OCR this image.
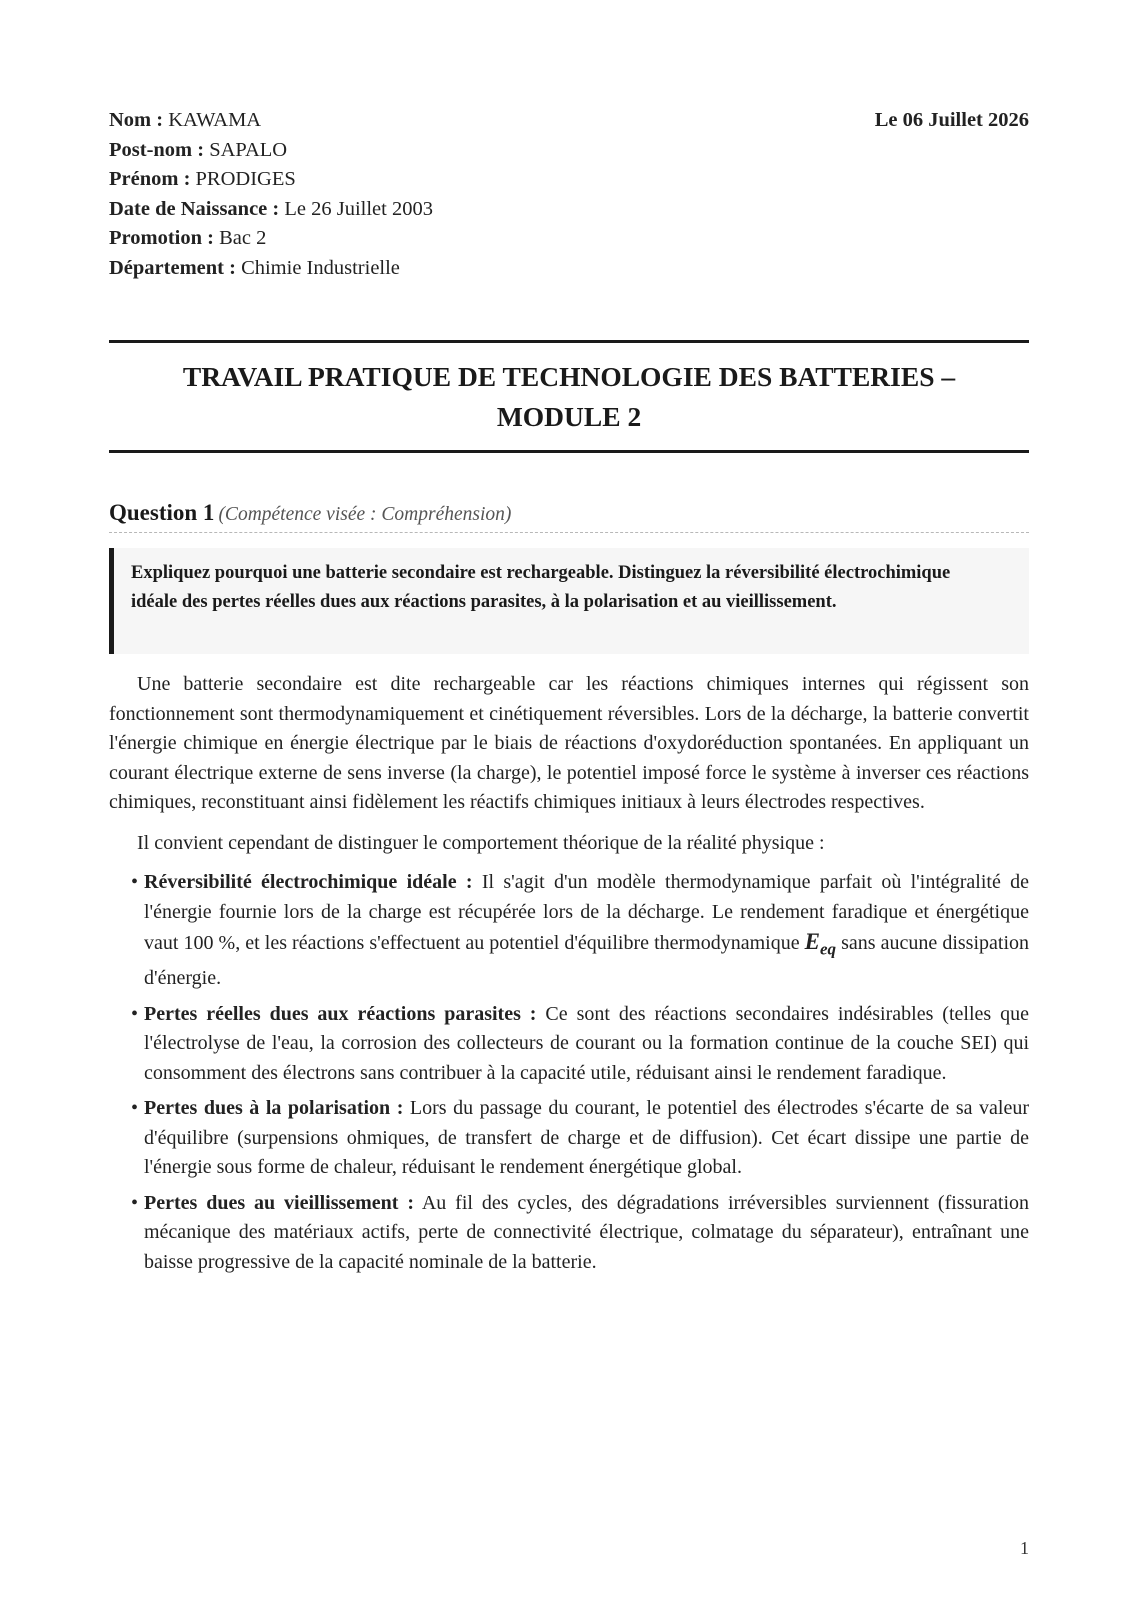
Nom : KAWAMA
Post-nom : SAPALO
Prénom : PRODIGES
Date de Naissance : Le 26 Juillet 2003
Promotion : Bac 2
Département : Chimie Industrielle
Le 06 Juillet 2026
TRAVAIL PRATIQUE DE TECHNOLOGIE DES BATTERIES –
MODULE 2
Question 1 (Compétence visée : Compréhension)
Expliquez pourquoi une batterie secondaire est rechargeable. Distinguez la réversibilité électrochimique idéale des pertes réelles dues aux réactions parasites, à la polarisation et au vieillissement.

Une batterie secondaire est dite rechargeable car les réactions chimiques internes qui régissent son fonctionnement sont thermodynamiquement et cinétiquement réversibles. Lors de la décharge, la batterie convertit l'énergie chimique en énergie électrique par le biais de réactions d'oxydoréduction spontanées. En appliquant un courant électrique externe de sens inverse (la charge), le potentiel imposé force le système à inverser ces réactions chimiques, reconstituant ainsi fidèlement les réactifs chimiques initiaux à leurs électrodes respectives.

Il convient cependant de distinguer le comportement théorique de la réalité physique :

• Réversibilité électrochimique idéale : Il s'agit d'un modèle thermodynamique parfait où l'intégralité de l'énergie fournie lors de la charge est récupérée lors de la décharge. Le rendement faradique et énergétique vaut 100 %, et les réactions s'effectuent au potentiel d'équilibre thermodynamique $E_{eq}$ sans aucune dissipation d'énergie.
• Pertes réelles dues aux réactions parasites : Ce sont des réactions secondaires indésirables (telles que l'électrolyse de l'eau, la corrosion des collecteurs de courant ou la formation continue de la couche SEI) qui consomment des électrons sans contribuer à la capacité utile, réduisant ainsi le rendement faradique.
• Pertes dues à la polarisation : Lors du passage du courant, le potentiel des électrodes s'écarte de sa valeur d'équilibre (surpensions ohmiques, de transfert de charge et de diffusion). Cet écart dissipe une partie de l'énergie sous forme de chaleur, réduisant le rendement énergétique global.
• Pertes dues au vieillissement : Au fil des cycles, des dégradations irréversibles surviennent (fissuration mécanique des matériaux actifs, perte de connectivité électrique, colmatage du séparateur), entraînant une baisse progressive de la capacité nominale de la batterie.
1
